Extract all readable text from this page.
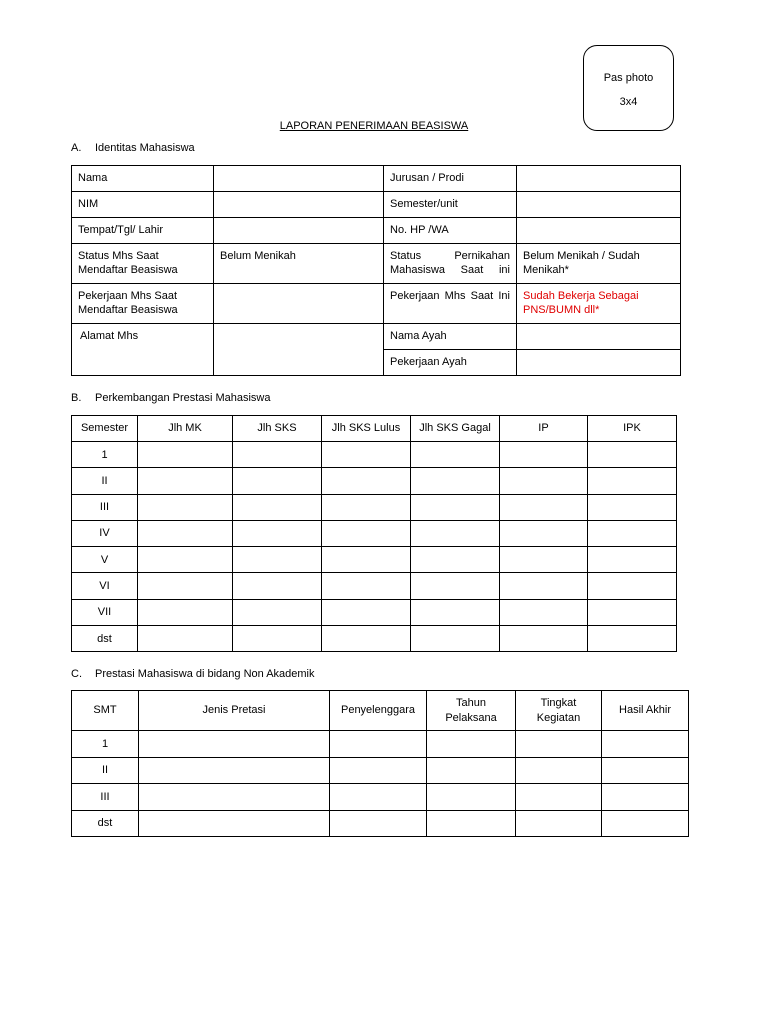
Pas photo
3x4
LAPORAN PENERIMAAN BEASISWA
A. Identitas Mahasiswa
Nama		Jurusan / Prodi	
NIM		Semester/unit	
Tempat/Tgl/ Lahir		No. HP /WA	
Status Mhs Saat Mendaftar Beasiswa	Belum Menikah	Status Pernikahan Mahasiswa Saat ini	Belum Menikah / Sudah Menikah*
Pekerjaan Mhs Saat Mendaftar Beasiswa		Pekerjaan Mhs Saat Ini	Sudah Bekerja Sebagai PNS/BUMN dll*
Alamat Mhs		Nama Ayah	
		Pekerjaan Ayah	
B. Perkembangan Prestasi Mahasiswa
Semester	Jlh MK	Jlh SKS	Jlh SKS Lulus	Jlh SKS Gagal	IP	IPK
1						
II						
III						
IV						
V						
VI						
VII						
dst						
C. Prestasi Mahasiswa di bidang Non Akademik
SMT	Jenis Pretasi	Penyelenggara	Tahun Pelaksana	Tingkat Kegiatan	Hasil Akhir
1					
II					
III					
dst					
